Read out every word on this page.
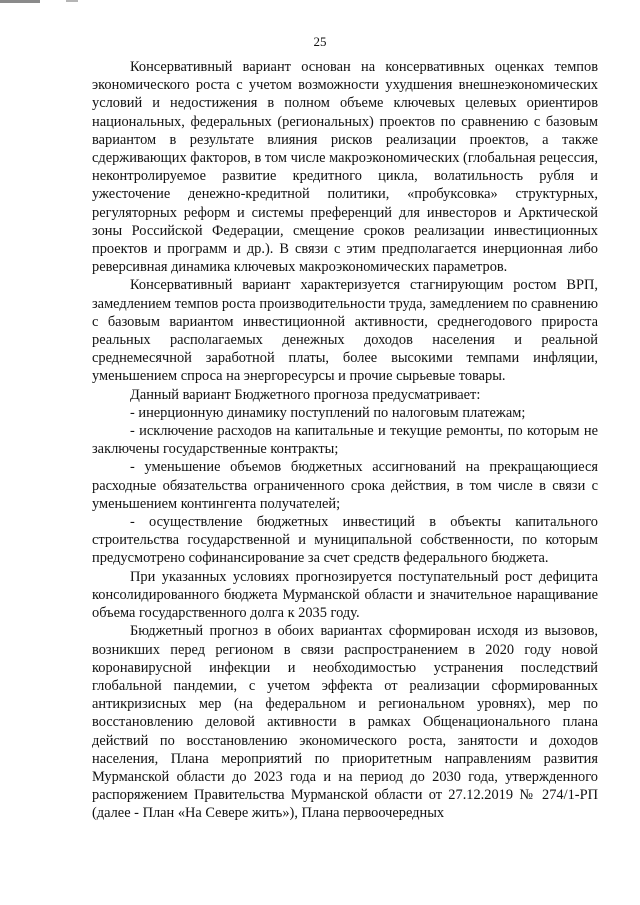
25

Консервативный вариант основан на консервативных оценках темпов экономического роста с учетом возможности ухудшения внешнеэкономических условий и недостижения в полном объеме ключевых целевых ориентиров национальных, федеральных (региональных) проектов по сравнению с базовым вариантом в результате влияния рисков реализации проектов, а также сдерживающих факторов, в том числе макроэкономических (глобальная рецессия, неконтролируемое развитие кредитного цикла, волатильность рубля и ужесточение денежно-кредитной политики, «пробуксовка» структурных, регуляторных реформ и системы преференций для инвесторов и Арктической зоны Российской Федерации, смещение сроков реализации инвестиционных проектов и программ и др.). В связи с этим предполагается инерционная либо реверсивная динамика ключевых макроэкономических параметров.

Консервативный вариант характеризуется стагнирующим ростом ВРП, замедлением темпов роста производительности труда, замедлением по сравнению с базовым вариантом инвестиционной активности, среднегодового прироста реальных располагаемых денежных доходов населения и реальной среднемесячной заработной платы, более высокими темпами инфляции, уменьшением спроса на энергоресурсы и прочие сырьевые товары.

Данный вариант Бюджетного прогноза предусматривает:

- инерционную динамику поступлений по налоговым платежам;

- исключение расходов на капитальные и текущие ремонты, по которым не заключены государственные контракты;

- уменьшение объемов бюджетных ассигнований на прекращающиеся расходные обязательства ограниченного срока действия, в том числе в связи с уменьшением контингента получателей;

- осуществление бюджетных инвестиций в объекты капитального строительства государственной и муниципальной собственности, по которым предусмотрено софинансирование за счет средств федерального бюджета.

При указанных условиях прогнозируется поступательный рост дефицита консолидированного бюджета Мурманской области и значительное наращивание объема государственного долга к 2035 году.

Бюджетный прогноз в обоих вариантах сформирован исходя из вызовов, возникших перед регионом в связи распространением в 2020 году новой коронавирусной инфекции и необходимостью устранения последствий глобальной пандемии, с учетом эффекта от реализации сформированных антикризисных мер (на федеральном и региональном уровнях), мер по восстановлению деловой активности в рамках Общенационального плана действий по восстановлению экономического роста, занятости и доходов населения, Плана мероприятий по приоритетным направлениям развития Мурманской области до 2023 года и на период до 2030 года, утвержденного распоряжением Правительства Мурманской области от 27.12.2019 № 274/1-РП (далее - План «На Севере жить»), Плана первоочередных
